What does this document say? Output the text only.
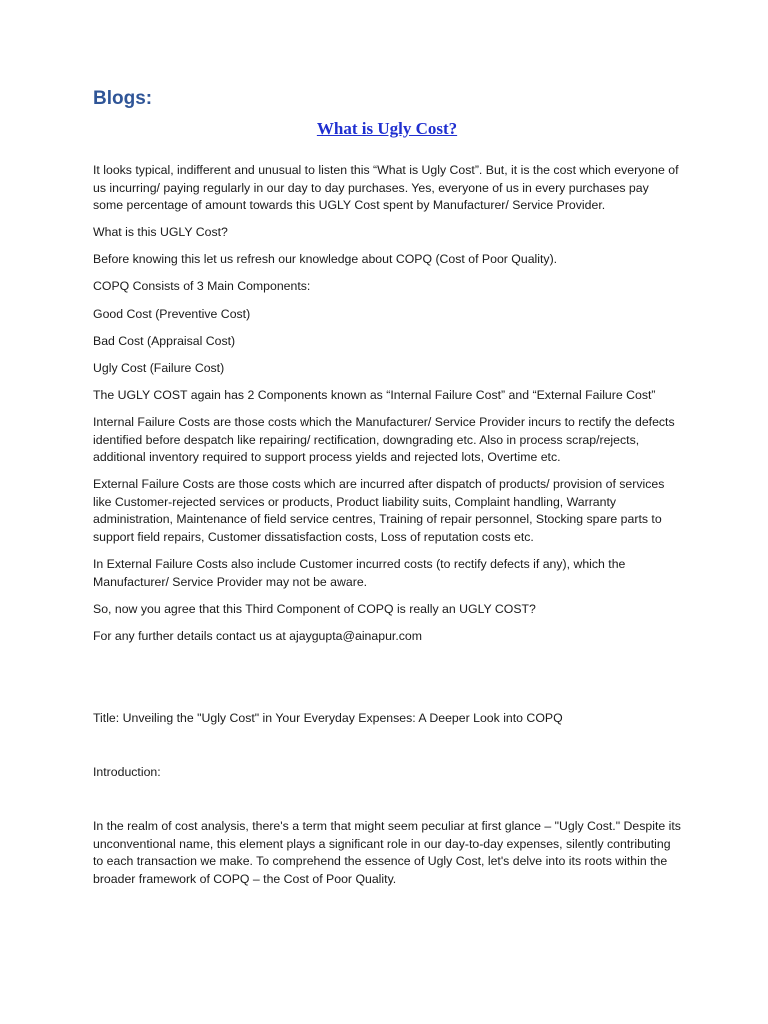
Blogs:
What is Ugly Cost?

It looks typical, indifferent and unusual to listen this “What is Ugly Cost”. But, it is the cost which everyone of us incurring/ paying regularly in our day to day purchases. Yes, everyone of us in every purchases pay some percentage of amount towards this UGLY Cost spent by Manufacturer/ Service Provider.

What is this UGLY Cost?

Before knowing this let us refresh our knowledge about COPQ (Cost of Poor Quality).

COPQ Consists of 3 Main Components:

Good Cost (Preventive Cost)

Bad Cost (Appraisal Cost)

Ugly Cost (Failure Cost)

The UGLY COST again has 2 Components known as “Internal Failure Cost” and “External Failure Cost”

Internal Failure Costs are those costs which the Manufacturer/ Service Provider incurs to rectify the defects identified before despatch like repairing/ rectification, downgrading etc. Also in process scrap/rejects, additional inventory required to support process yields and rejected lots, Overtime etc.

External Failure Costs are those costs which are incurred after dispatch of products/ provision of services like Customer-rejected services or products, Product liability suits, Complaint handling, Warranty administration, Maintenance of field service centres, Training of repair personnel, Stocking spare parts to support field repairs, Customer dissatisfaction costs, Loss of reputation costs etc.

In External Failure Costs also include Customer incurred costs (to rectify defects if any), which the Manufacturer/ Service Provider may not be aware.

So, now you agree that this Third Component of COPQ is really an UGLY COST?

For any further details contact us at ajaygupta@ainapur.com

Title: Unveiling the "Ugly Cost" in Your Everyday Expenses: A Deeper Look into COPQ

Introduction:

In the realm of cost analysis, there's a term that might seem peculiar at first glance – "Ugly Cost." Despite its unconventional name, this element plays a significant role in our day-to-day expenses, silently contributing to each transaction we make. To comprehend the essence of Ugly Cost, let's delve into its roots within the broader framework of COPQ – the Cost of Poor Quality.
